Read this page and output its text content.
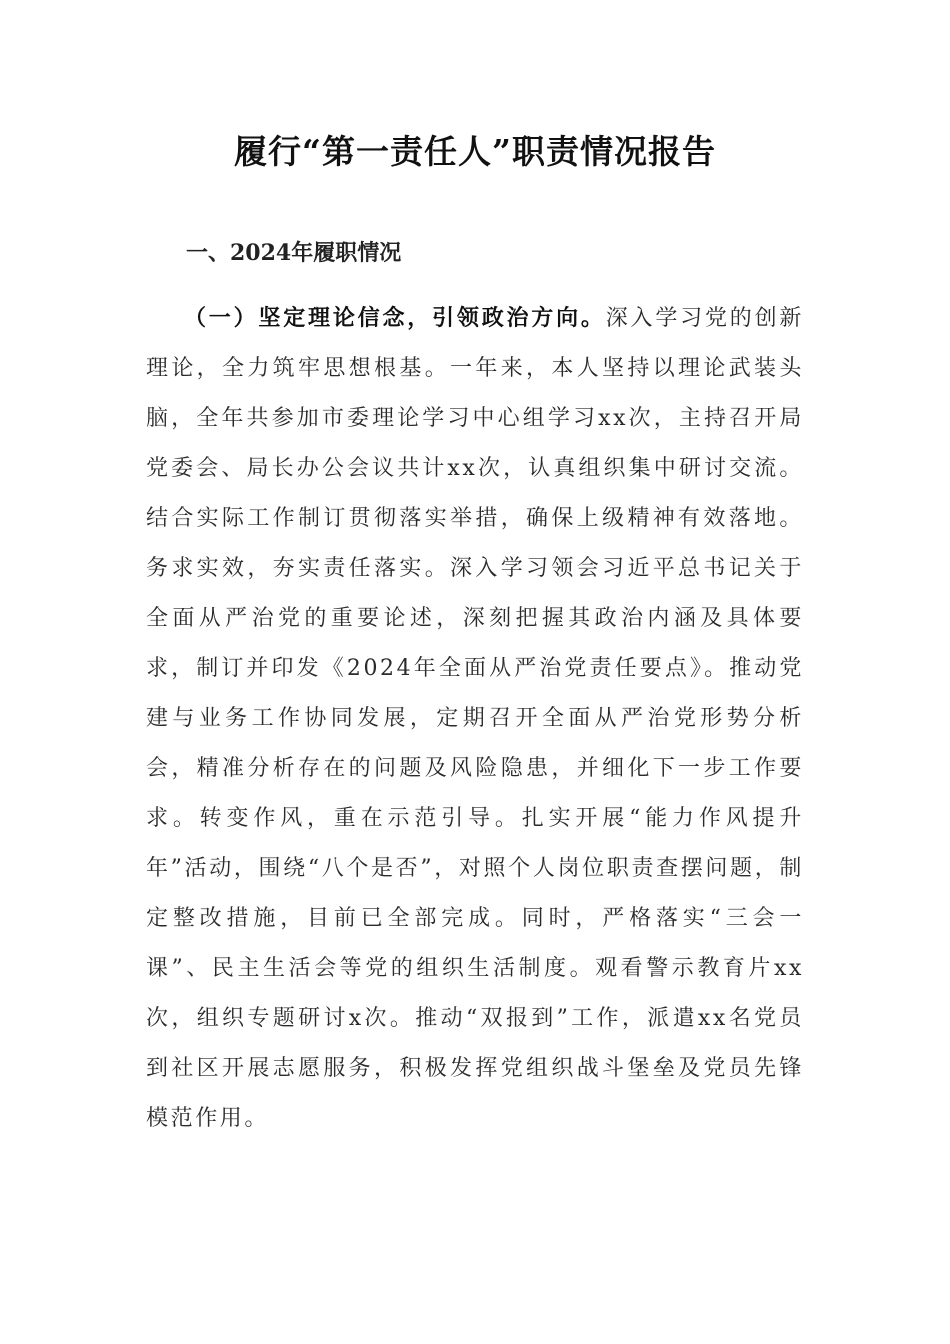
履行“第一责任人”职责情况报告
一、2024年履职情况

（一）坚定理论信念，引领政治方向。深入学习党的创新理论，全力筑牢思想根基。一年来，本人坚持以理论武装头脑，全年共参加市委理论学习中心组学习xx次，主持召开局党委会、局长办公会议共计xx次，认真组织集中研讨交流。结合实际工作制订贯彻落实举措，确保上级精神有效落地。务求实效，夯实责任落实。深入学习领会习近平总书记关于全面从严治党的重要论述，深刻把握其政治内涵及具体要求，制订并印发《2024年全面从严治党责任要点》。推动党建与业务工作协同发展，定期召开全面从严治党形势分析会，精准分析存在的问题及风险隐患，并细化下一步工作要求。转变作风，重在示范引导。扎实开展“能力作风提升年”活动，围绕“八个是否”，对照个人岗位职责查摆问题，制定整改措施，目前已全部完成。同时，严格落实“三会一课”、民主生活会等党的组织生活制度。观看警示教育片xx次，组织专题研讨x次。推动“双报到”工作，派遣xx名党员到社区开展志愿服务，积极发挥党组织战斗堡垒及党员先锋模范作用。
